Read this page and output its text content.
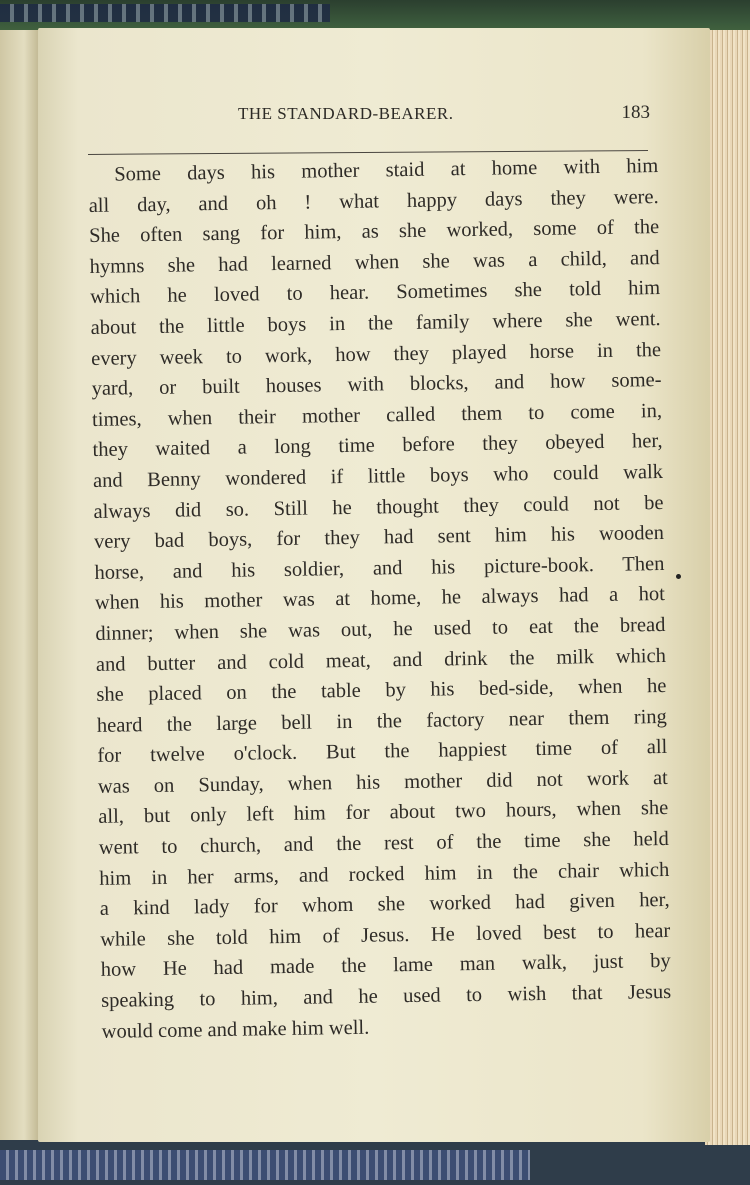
THE STANDARD-BEARER.	183
Some days his mother staid at home with him
all day, and oh ! what happy days they were.
She often sang for him, as she worked, some of the
hymns she had learned when she was a child, and
which he loved to hear. Sometimes she told him
about the little boys in the family where she went.
every week to work, how they played horse in the
yard, or built houses with blocks, and how some-
times, when their mother called them to come in,
they waited a long time before they obeyed her,
and Benny wondered if little boys who could walk
always did so. Still he thought they could not be
very bad boys, for they had sent him his wooden
horse, and his soldier, and his picture-book. Then
when his mother was at home, he always had a hot
dinner; when she was out, he used to eat the bread
and butter and cold meat, and drink the milk which
she placed on the table by his bed-side, when he
heard the large bell in the factory near them ring
for twelve o'clock. But the happiest time of all
was on Sunday, when his mother did not work at
all, but only left him for about two hours, when she
went to church, and the rest of the time she held
him in her arms, and rocked him in the chair which
a kind lady for whom she worked had given her,
while she told him of Jesus. He loved best to hear
how He had made the lame man walk, just by
speaking to him, and he used to wish that Jesus
would come and make him well.
